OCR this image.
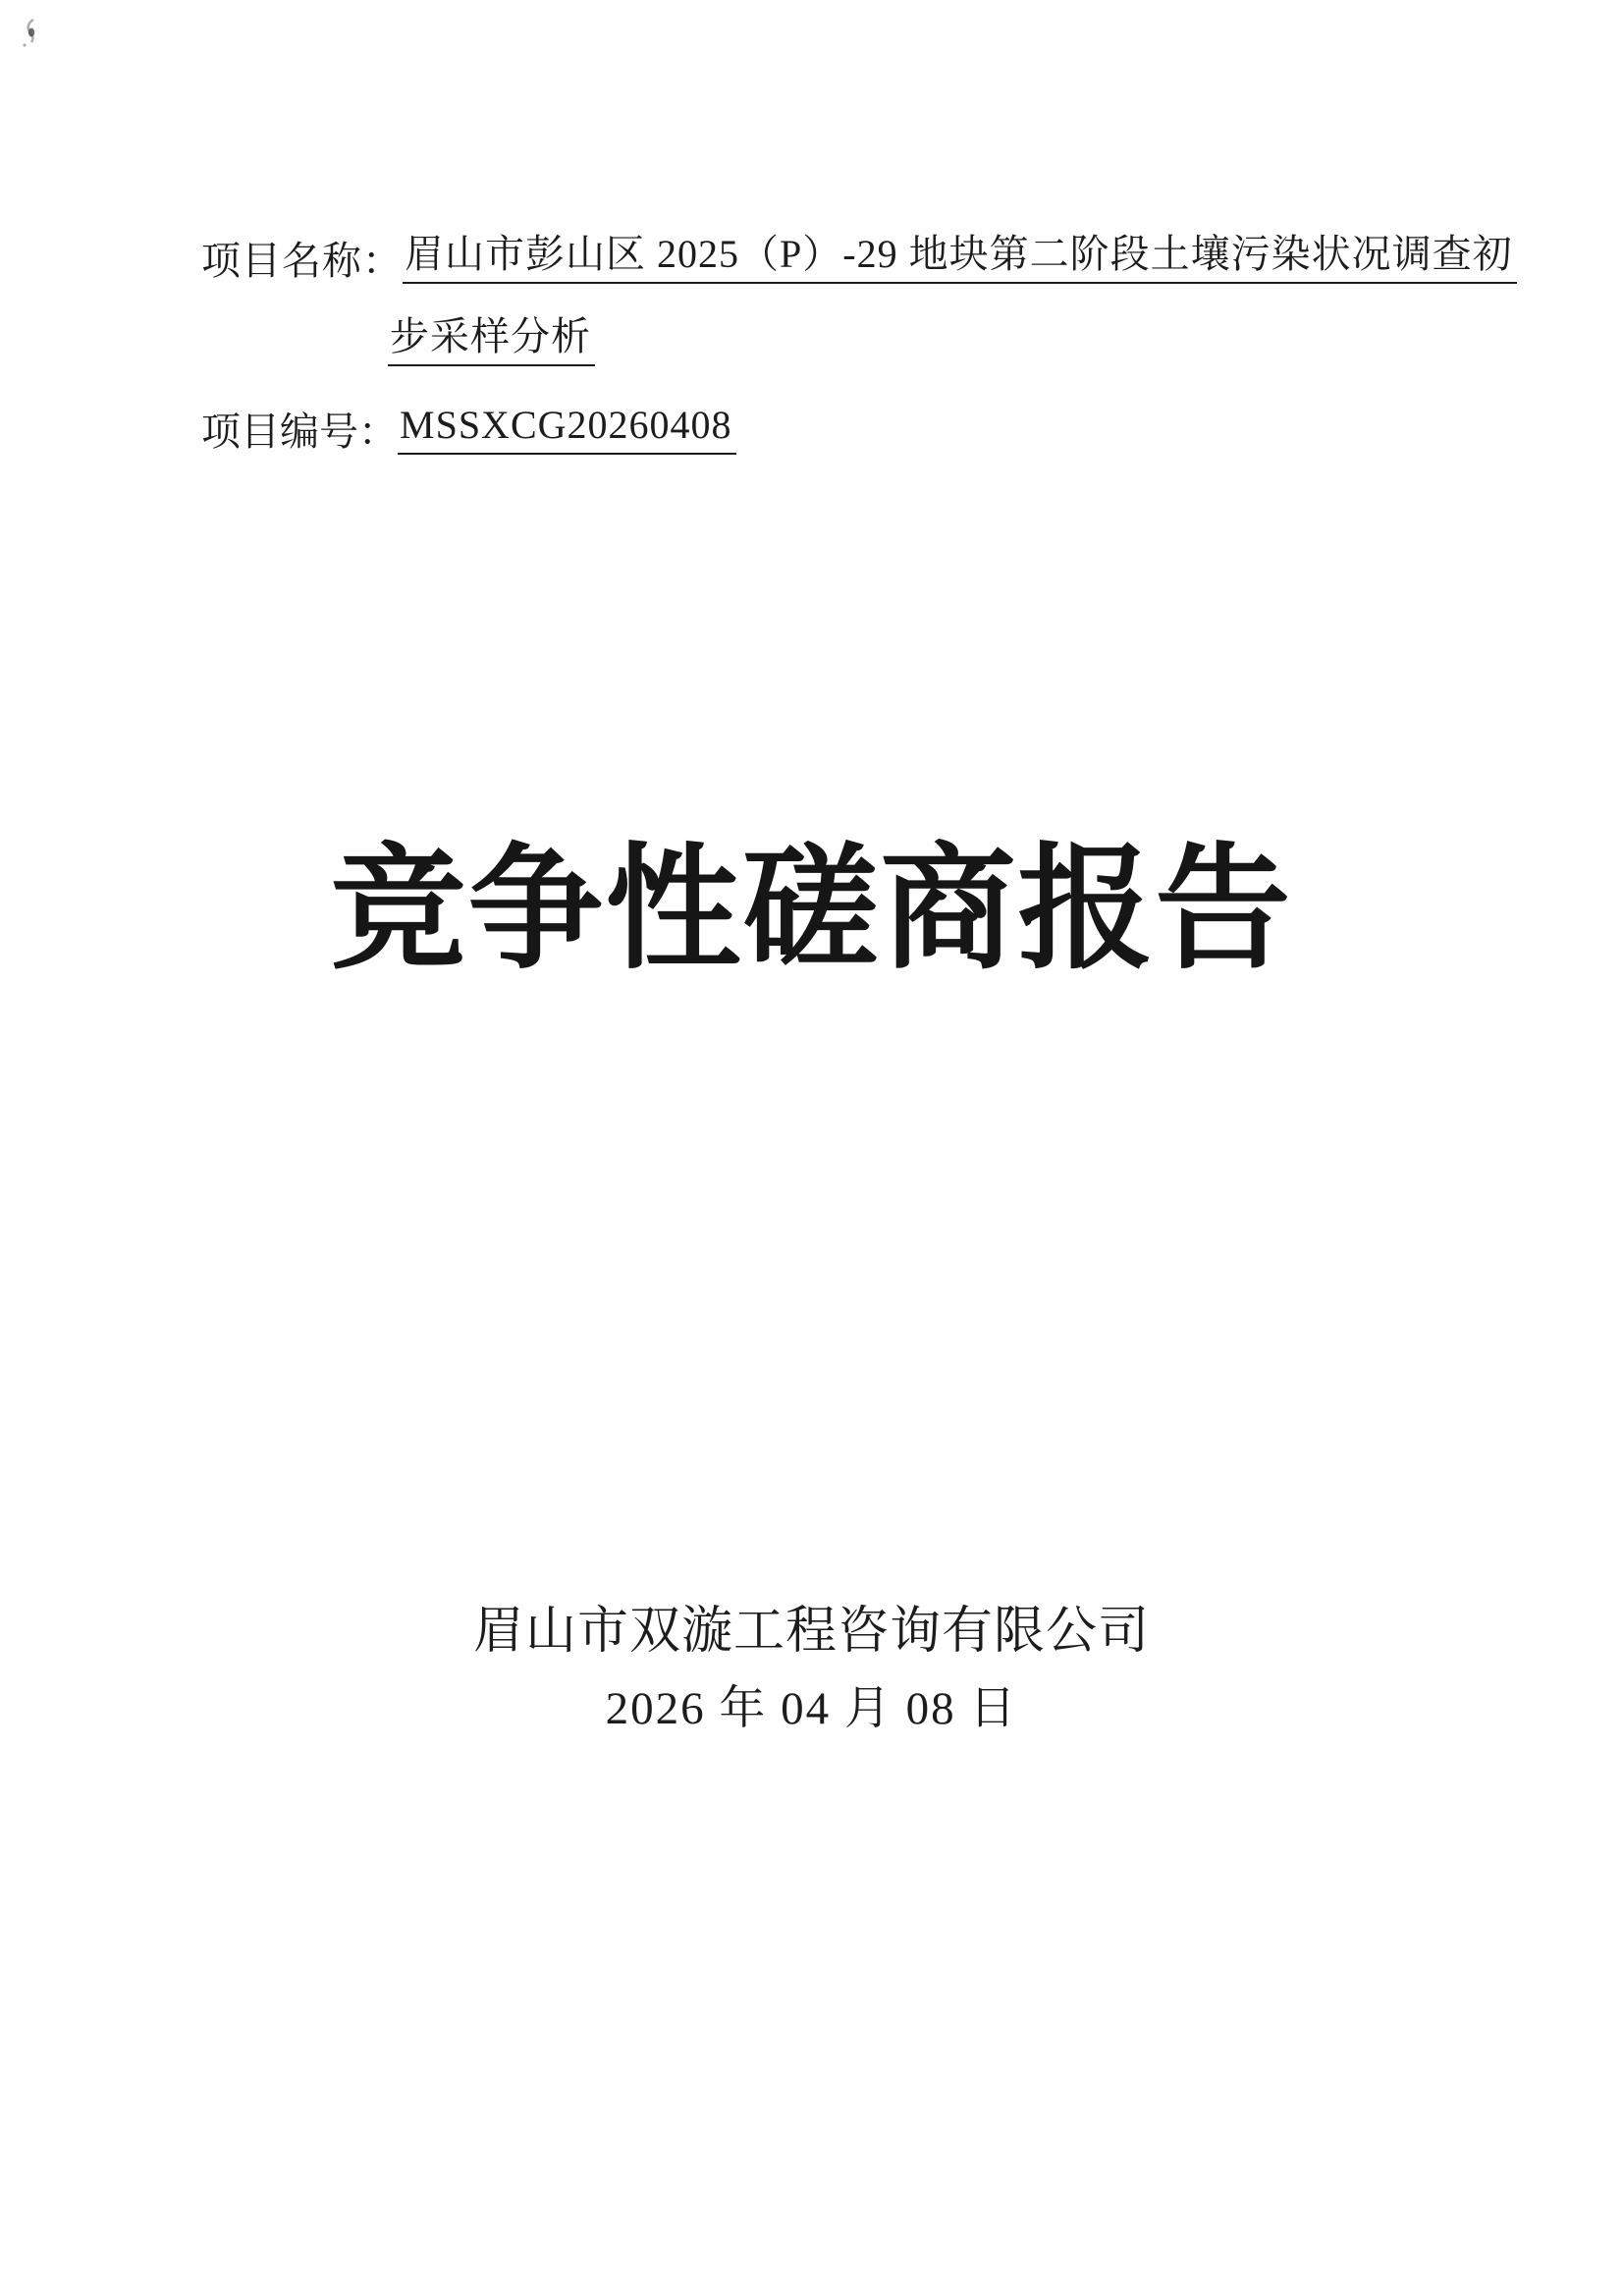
项目名称：眉山市彭山区 2025（P）-29 地块第二阶段土壤污染状况调查初
步采样分析
项目编号：MSSXCG20260408
竞争性磋商报告
眉山市双漩工程咨询有限公司
2026 年 04 月 08 日
